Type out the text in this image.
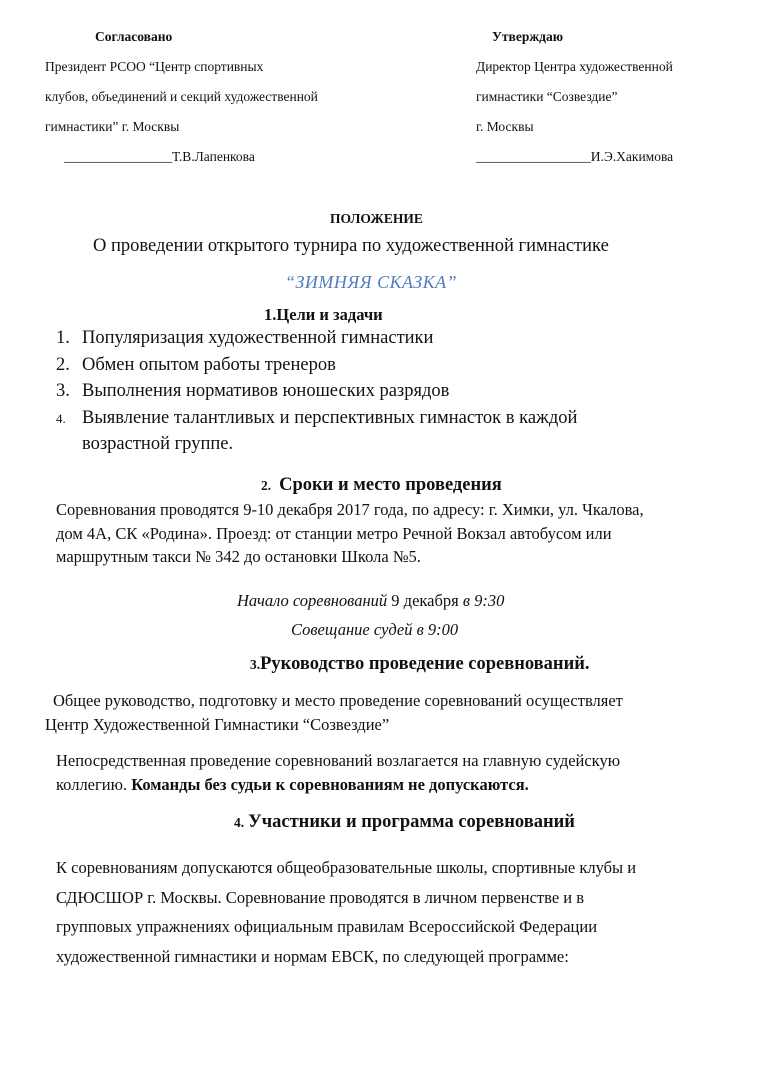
Согласовано
Президент РСОО “Центр спортивных
клубов, объединений и секций художественной
гимнастики” г. Москвы
________________Т.В.Лапенкова
Утверждаю
Директор Центра художественной
гимнастики “Созвездие”
г. Москвы
_________________И.Э.Хакимова
ПОЛОЖЕНИЕ
О проведении открытого турнира по художественной гимнастике
“ЗИМНЯЯ СКАЗКА”
1.Цели и задачи
1. Популяризация художественной гимнастики
2. Обмен опытом работы тренеров
3. Выполнения нормативов юношеских разрядов
4. Выявление талантливых и перспективных гимнасток в каждой
возрастной группе.
2. Сроки и место проведения
Соревнования проводятся 9-10 декабря 2017 года, по адресу: г. Химки, ул. Чкалова,
дом 4А, СК «Родина». Проезд: от станции метро Речной Вокзал автобусом или
маршрутным такси № 342 до остановки Школа №5.
Начало соревнований 9 декабря в 9:30
Совещание судей в 9:00
3.Руководство проведение соревнований.
Общее руководство, подготовку и место проведение соревнований осуществляет
Центр Художественной Гимнастики “Созвездие”
Непосредственная проведение соревнований возлагается на главную судейскую
коллегию. Команды без судьи к соревнованиям не допускаются.
4. Участники и программа соревнований
К соревнованиям допускаются общеобразовательные школы, спортивные клубы и
СДЮСШОР г. Москвы. Соревнование проводятся в личном первенстве и в
групповых упражнениях официальным правилам Всероссийской Федерации
художественной гимнастики и нормам ЕВСК, по следующей программе:
